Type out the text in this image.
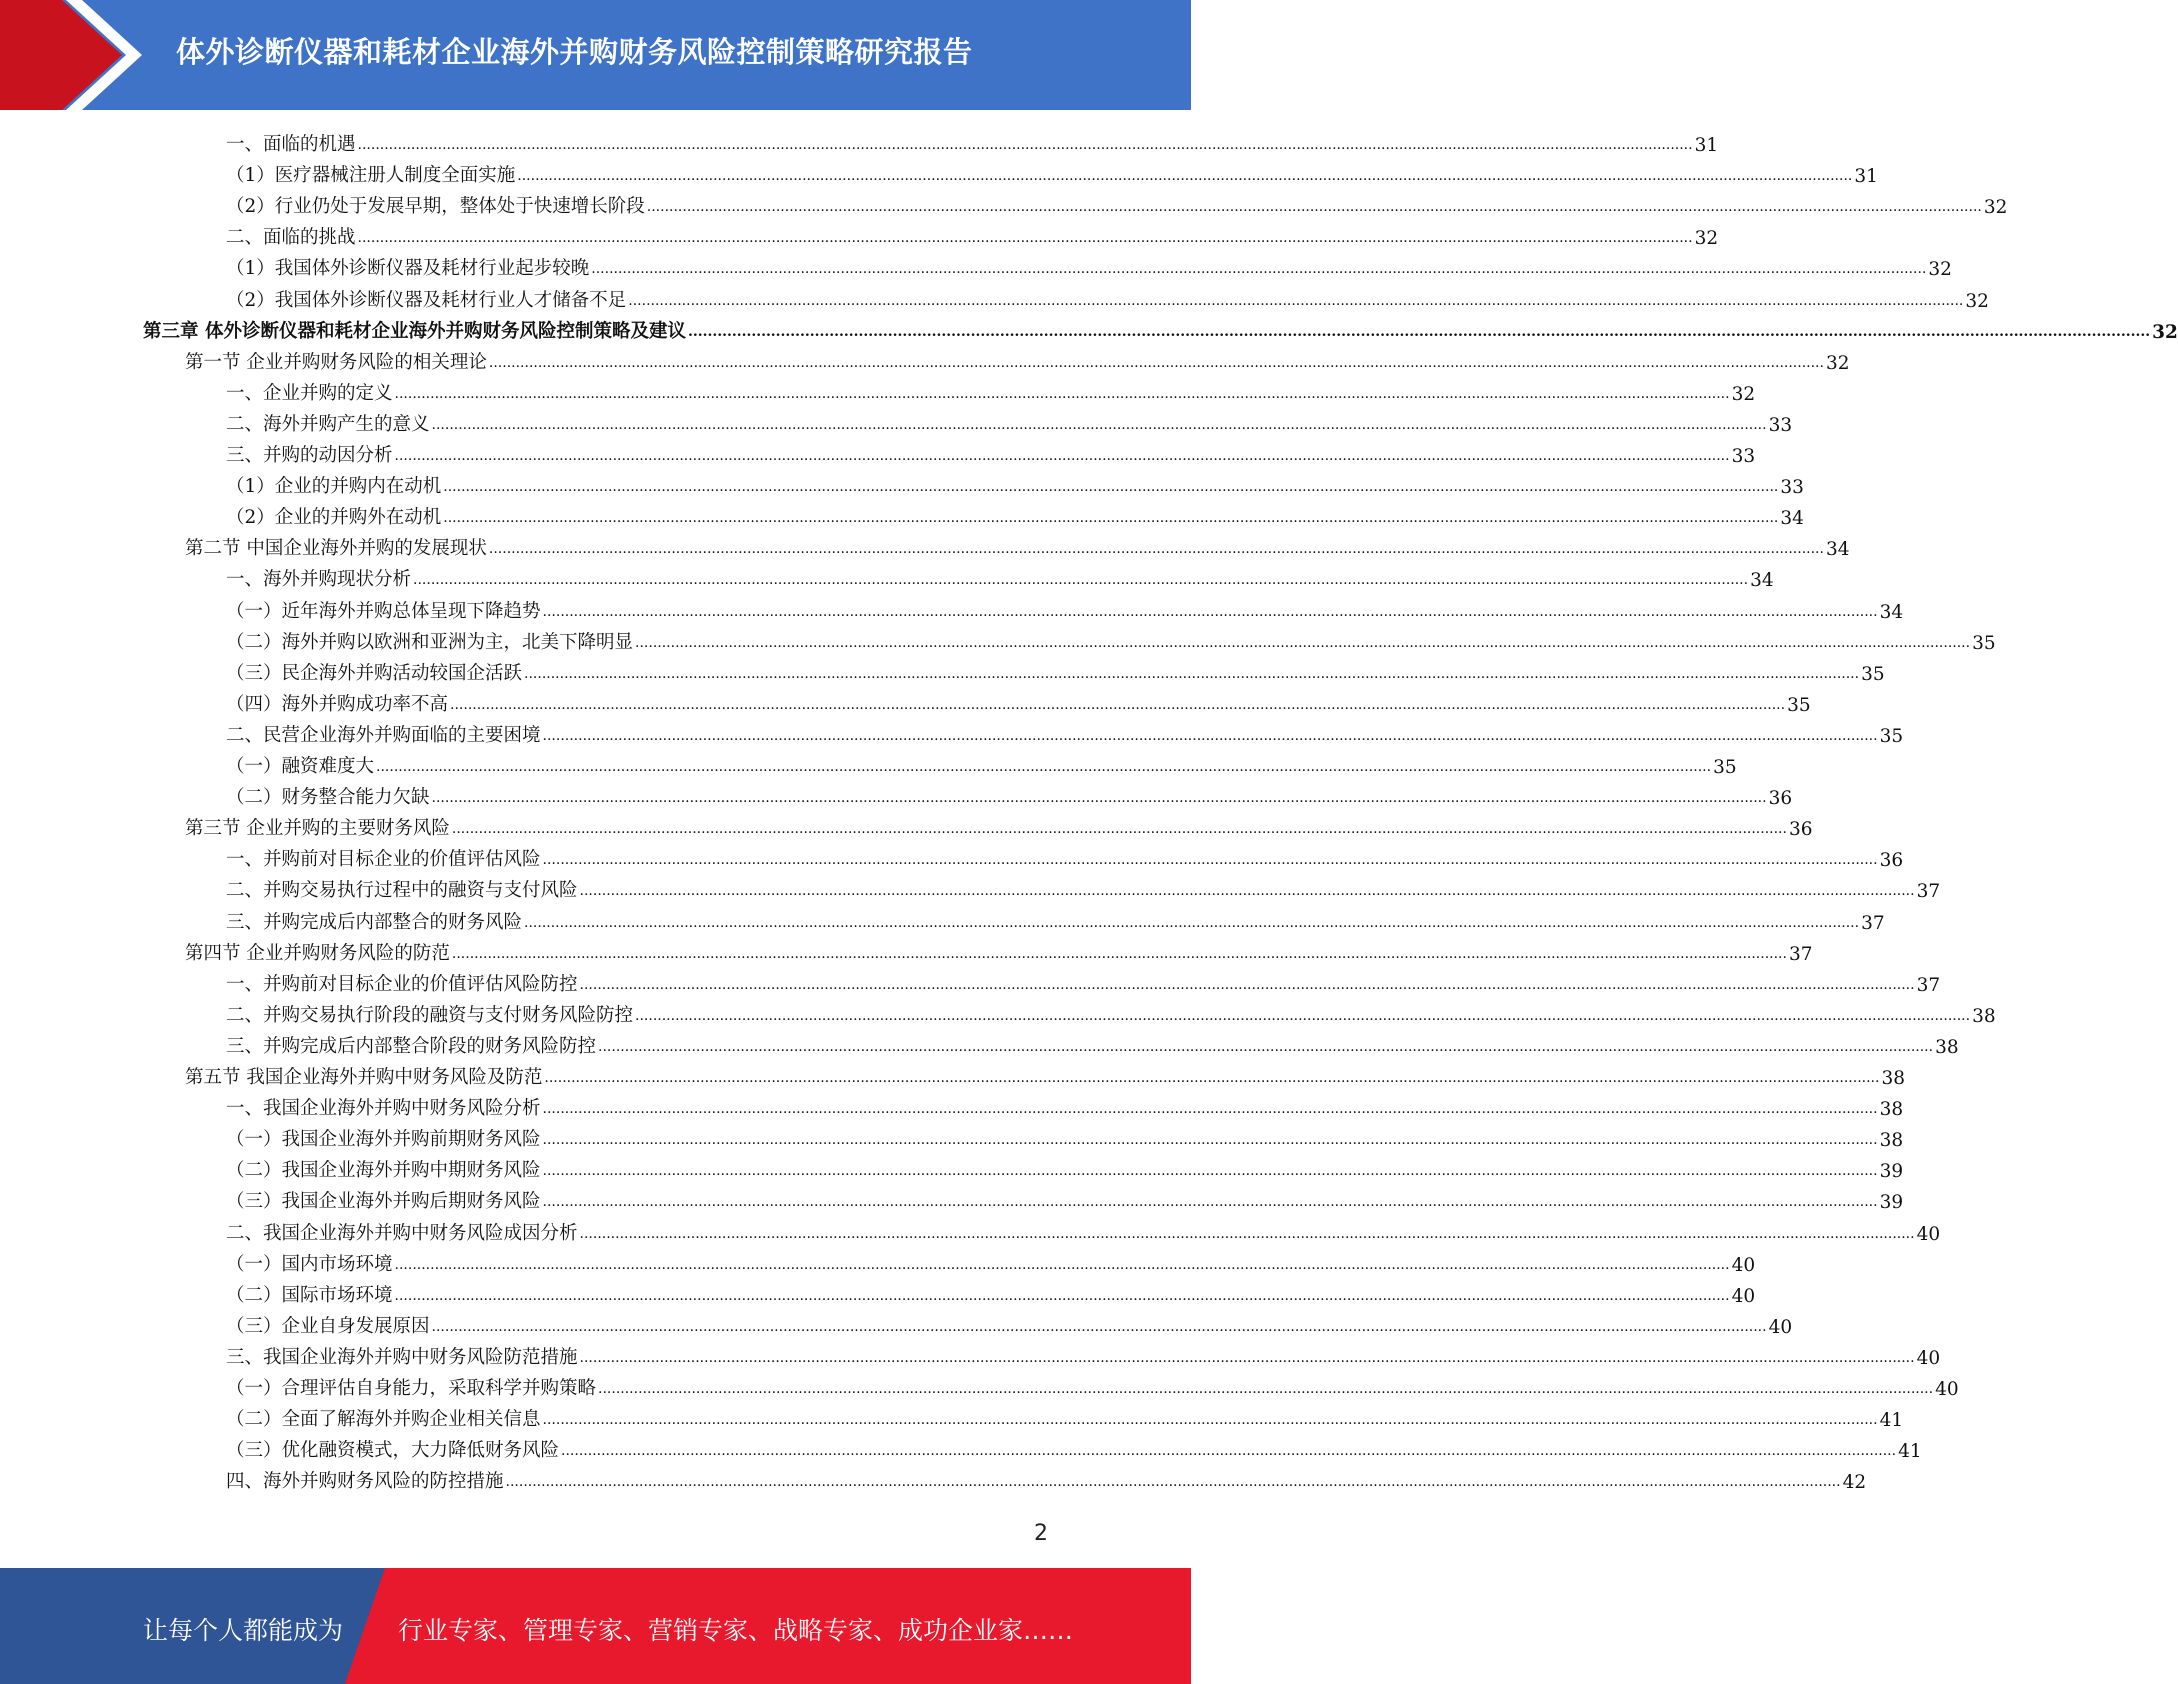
体外诊断仪器和耗材企业海外并购财务风险控制策略研究报告
一、面临的机遇 ............................................................................................................................................................................................................................................................................................................ 31
（1）医疗器械注册人制度全面实施 ............................................................................................................................................................................................................................................................................................................ 31
（2）行业仍处于发展早期，整体处于快速增长阶段 ............................................................................................................................................................................................................................................................................................................ 32
二、面临的挑战 ............................................................................................................................................................................................................................................................................................................ 32
（1）我国体外诊断仪器及耗材行业起步较晚 ............................................................................................................................................................................................................................................................................................................ 32
（2）我国体外诊断仪器及耗材行业人才储备不足 ............................................................................................................................................................................................................................................................................................................ 32
第三章 体外诊断仪器和耗材企业海外并购财务风险控制策略及建议 ............................................................................................................................................................................................................................................................................................................ 32
第一节 企业并购财务风险的相关理论 ............................................................................................................................................................................................................................................................................................................ 32
一、企业并购的定义 ............................................................................................................................................................................................................................................................................................................ 32
二、海外并购产生的意义 ............................................................................................................................................................................................................................................................................................................ 33
三、并购的动因分析 ............................................................................................................................................................................................................................................................................................................ 33
（1）企业的并购内在动机 ............................................................................................................................................................................................................................................................................................................ 33
（2）企业的并购外在动机 ............................................................................................................................................................................................................................................................................................................ 34
第二节 中国企业海外并购的发展现状 ............................................................................................................................................................................................................................................................................................................ 34
一、海外并购现状分析 ............................................................................................................................................................................................................................................................................................................ 34
（一）近年海外并购总体呈现下降趋势 ............................................................................................................................................................................................................................................................................................................ 34
（二）海外并购以欧洲和亚洲为主，北美下降明显 ............................................................................................................................................................................................................................................................................................................ 35
（三）民企海外并购活动较国企活跃 ............................................................................................................................................................................................................................................................................................................ 35
（四）海外并购成功率不高 ............................................................................................................................................................................................................................................................................................................ 35
二、民营企业海外并购面临的主要困境 ............................................................................................................................................................................................................................................................................................................ 35
（一）融资难度大 ............................................................................................................................................................................................................................................................................................................ 35
（二）财务整合能力欠缺 ............................................................................................................................................................................................................................................................................................................ 36
第三节 企业并购的主要财务风险 ............................................................................................................................................................................................................................................................................................................ 36
一、并购前对目标企业的价值评估风险 ............................................................................................................................................................................................................................................................................................................ 36
二、并购交易执行过程中的融资与支付风险 ............................................................................................................................................................................................................................................................................................................ 37
三、并购完成后内部整合的财务风险 ............................................................................................................................................................................................................................................................................................................ 37
第四节 企业并购财务风险的防范 ............................................................................................................................................................................................................................................................................................................ 37
一、并购前对目标企业的价值评估风险防控 ............................................................................................................................................................................................................................................................................................................ 37
二、并购交易执行阶段的融资与支付财务风险防控 ............................................................................................................................................................................................................................................................................................................ 38
三、并购完成后内部整合阶段的财务风险防控 ............................................................................................................................................................................................................................................................................................................ 38
第五节 我国企业海外并购中财务风险及防范 ............................................................................................................................................................................................................................................................................................................ 38
一、我国企业海外并购中财务风险分析 ............................................................................................................................................................................................................................................................................................................ 38
（一）我国企业海外并购前期财务风险 ............................................................................................................................................................................................................................................................................................................ 38
（二）我国企业海外并购中期财务风险 ............................................................................................................................................................................................................................................................................................................ 39
（三）我国企业海外并购后期财务风险 ............................................................................................................................................................................................................................................................................................................ 39
二、我国企业海外并购中财务风险成因分析 ............................................................................................................................................................................................................................................................................................................ 40
（一）国内市场环境 ............................................................................................................................................................................................................................................................................................................ 40
（二）国际市场环境 ............................................................................................................................................................................................................................................................................................................ 40
（三）企业自身发展原因 ............................................................................................................................................................................................................................................................................................................ 40
三、我国企业海外并购中财务风险防范措施 ............................................................................................................................................................................................................................................................................................................ 40
（一）合理评估自身能力，采取科学并购策略 ............................................................................................................................................................................................................................................................................................................ 40
（二）全面了解海外并购企业相关信息 ............................................................................................................................................................................................................................................................................................................ 41
（三）优化融资模式，大力降低财务风险 ............................................................................................................................................................................................................................................................................................................ 41
四、海外并购财务风险的防控措施 ............................................................................................................................................................................................................................................................................................................ 42
2
让每个人都能成为 行业专家、管理专家、营销专家、战略专家、成功企业家……
